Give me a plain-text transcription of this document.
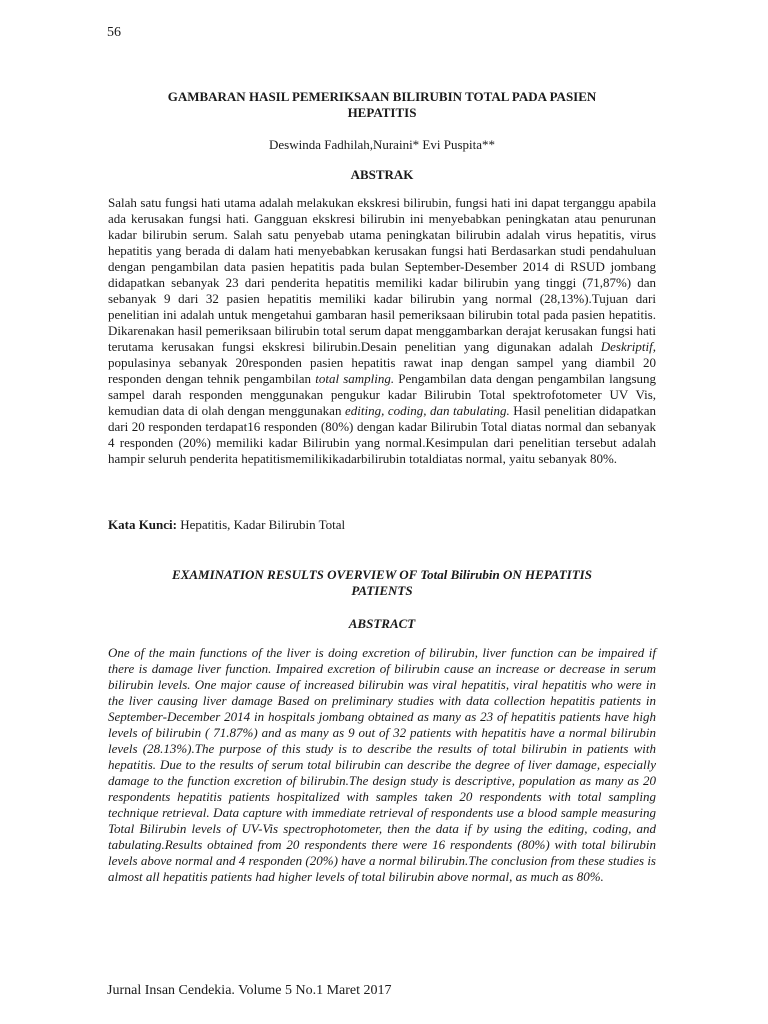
56
GAMBARAN HASIL PEMERIKSAAN BILIRUBIN TOTAL PADA PASIEN
HEPATITIS
Deswinda Fadhilah,Nuraini* Evi Puspita**
ABSTRAK

Salah satu fungsi hati utama adalah melakukan ekskresi bilirubin, fungsi hati ini dapat terganggu apabila ada kerusakan fungsi hati. Gangguan ekskresi bilirubin ini menyebabkan peningkatan atau penurunan kadar bilirubin serum. Salah satu penyebab utama peningkatan bilirubin adalah virus hepatitis, virus hepatitis yang berada di dalam hati menyebabkan kerusakan fungsi hati Berdasarkan studi pendahuluan dengan pengambilan data pasien hepatitis pada bulan September-Desember 2014 di RSUD jombang didapatkan sebanyak 23 dari penderita hepatitis memiliki kadar bilirubin yang tinggi (71,87%) dan sebanyak 9 dari 32 pasien hepatitis memiliki kadar bilirubin yang normal (28,13%).Tujuan dari penelitian ini adalah untuk mengetahui gambaran hasil pemeriksaan bilirubin total pada pasien hepatitis. Dikarenakan hasil pemeriksaan bilirubin total serum dapat menggambarkan derajat kerusakan fungsi hati terutama kerusakan fungsi ekskresi bilirubin.Desain penelitian yang digunakan adalah Deskriptif, populasinya sebanyak 20responden pasien hepatitis rawat inap dengan sampel yang diambil 20 responden dengan tehnik pengambilan total sampling. Pengambilan data dengan pengambilan langsung sampel darah responden menggunakan pengukur kadar Bilirubin Total spektrofotometer UV Vis, kemudian data di olah dengan menggunakan editing, coding, dan tabulating. Hasil penelitian didapatkan dari 20 responden terdapat16 responden (80%) dengan kadar Bilirubin Total diatas normal dan sebanyak 4 responden (20%) memiliki kadar Bilirubin yang normal.Kesimpulan dari penelitian tersebut adalah hampir seluruh penderita hepatitismemilikikadarbilirubin totaldiatas normal, yaitu sebanyak 80%.

Kata Kunci: Hepatitis, Kadar Bilirubin Total
EXAMINATION RESULTS OVERVIEW OF Total Bilirubin ON HEPATITIS
PATIENTS
ABSTRACT

One of the main functions of the liver is doing excretion of bilirubin, liver function can be impaired if there is damage liver function. Impaired excretion of bilirubin cause an increase or decrease in serum bilirubin levels. One major cause of increased bilirubin was viral hepatitis, viral hepatitis who were in the liver causing liver damage Based on preliminary studies with data collection hepatitis patients in September-December 2014 in hospitals jombang obtained as many as 23 of hepatitis patients have high levels of bilirubin ( 71.87%) and as many as 9 out of 32 patients with hepatitis have a normal bilirubin levels (28.13%).The purpose of this study is to describe the results of total bilirubin in patients with hepatitis. Due to the results of serum total bilirubin can describe the degree of liver damage, especially damage to the function excretion of bilirubin.The design study is descriptive, population as many as 20 respondents hepatitis patients hospitalized with samples taken 20 respondents with total sampling technique retrieval. Data capture with immediate retrieval of respondents use a blood sample measuring Total Bilirubin levels of UV-Vis spectrophotometer, then the data if by using the editing, coding, and tabulating.Results obtained from 20 respondents there were 16 respondents (80%) with total bilirubin levels above normal and 4 responden (20%) have a normal bilirubin.The conclusion from these studies is almost all hepatitis patients had higher levels of total bilirubin above normal, as much as 80%.

Jurnal Insan Cendekia. Volume 5 No.1 Maret 2017
